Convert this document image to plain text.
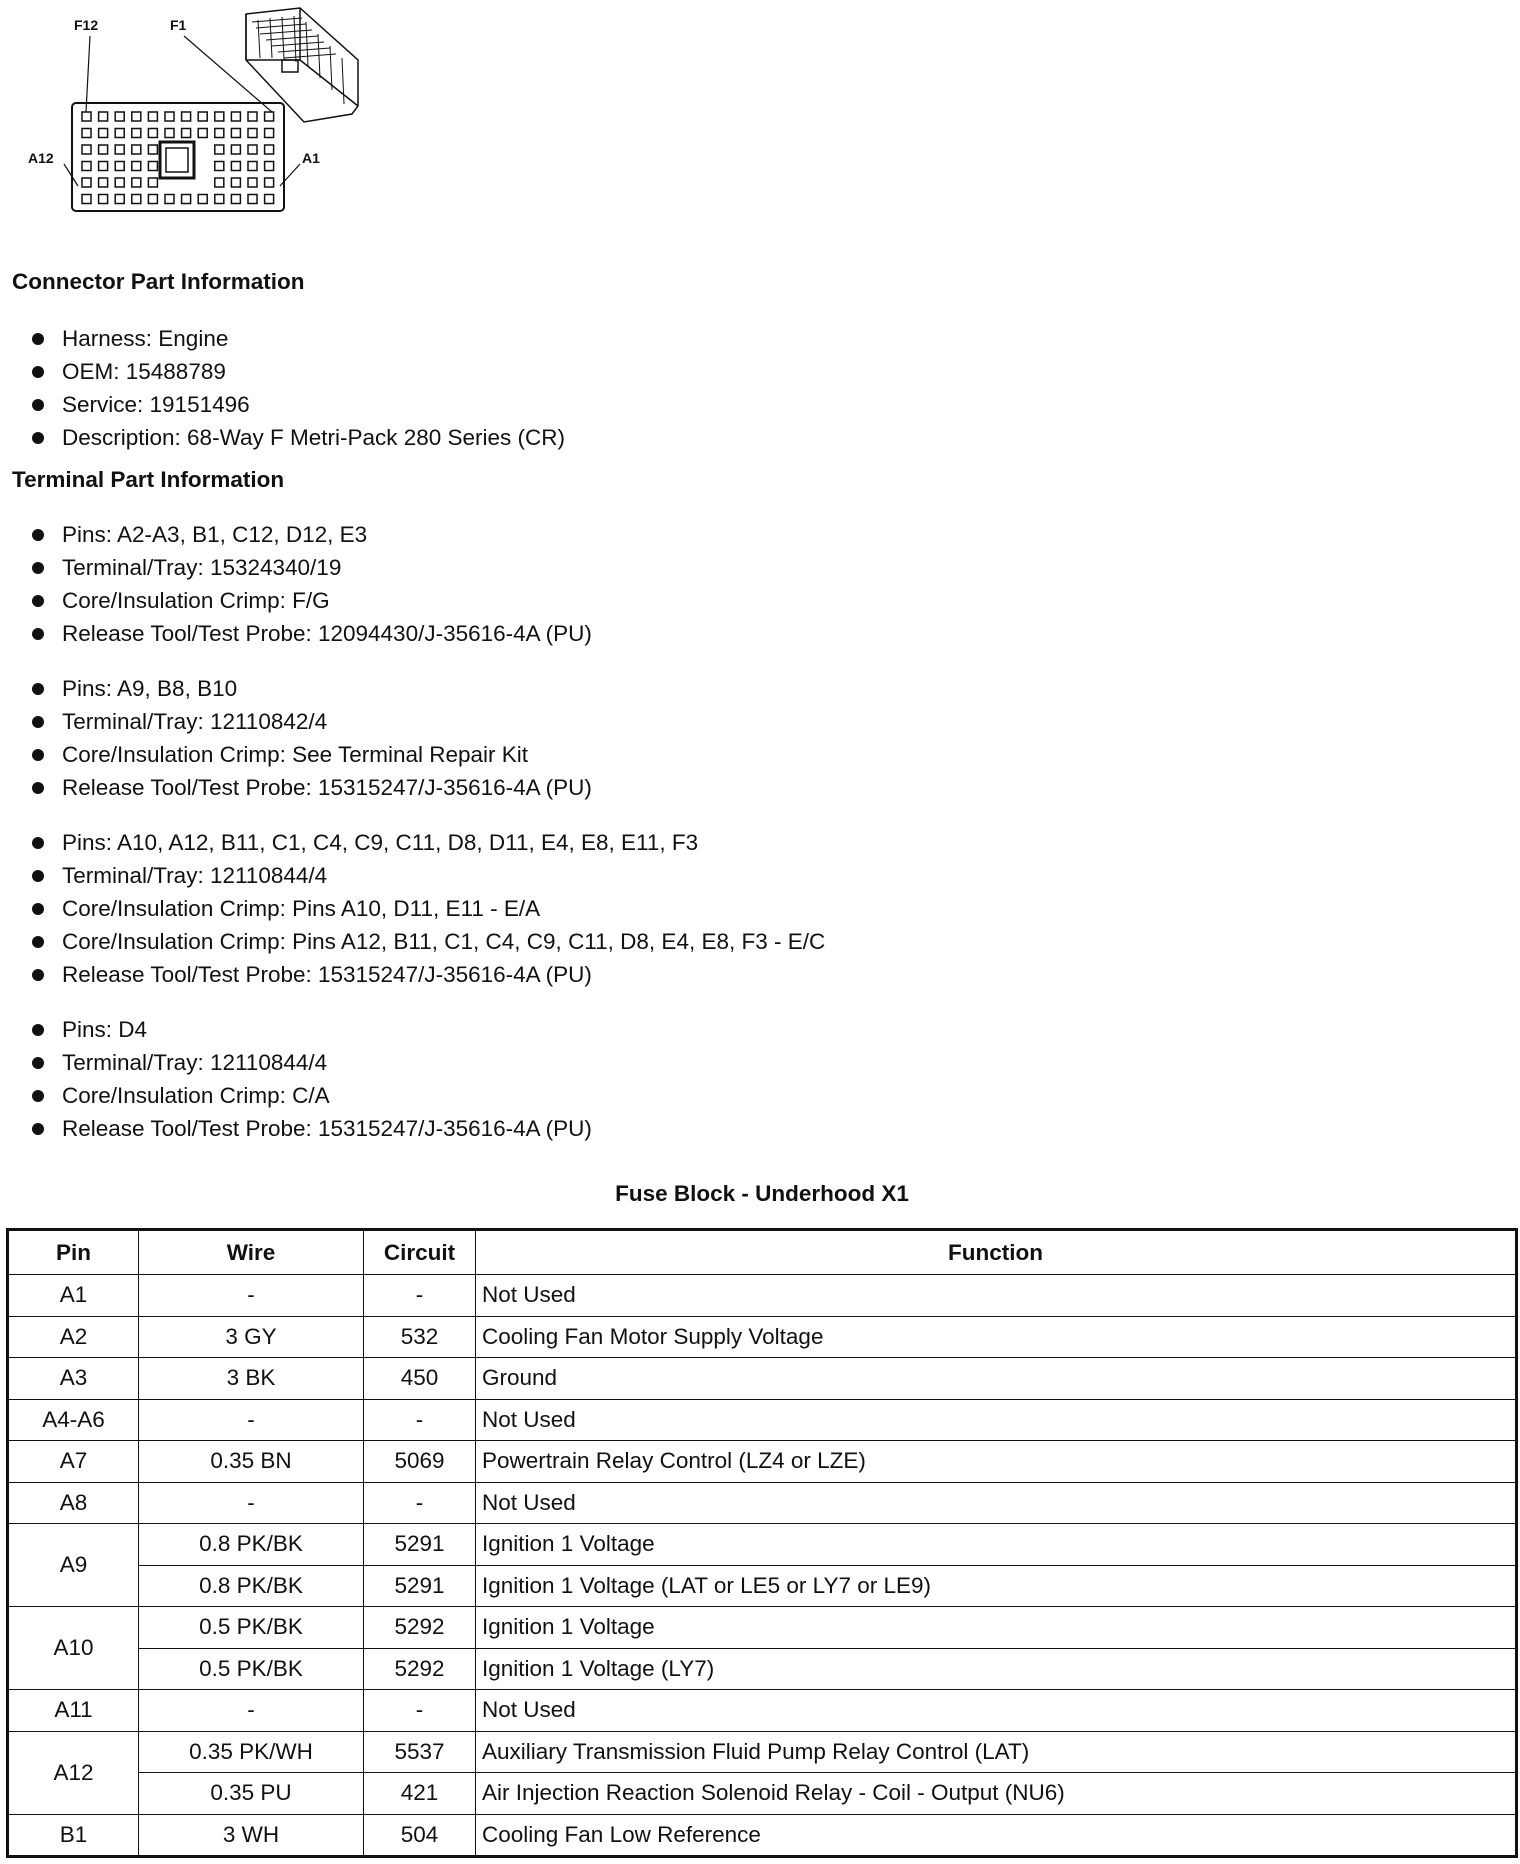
F12	F1
A12	A1
Connector Part Information
Harness: Engine
OEM: 15488789
Service: 19151496
Description: 68-Way F Metri-Pack 280 Series (CR)
Terminal Part Information
Pins: A2-A3, B1, C12, D12, E3
Terminal/Tray: 15324340/19
Core/Insulation Crimp: F/G
Release Tool/Test Probe: 12094430/J-35616-4A (PU)
Pins: A9, B8, B10
Terminal/Tray: 12110842/4
Core/Insulation Crimp: See Terminal Repair Kit
Release Tool/Test Probe: 15315247/J-35616-4A (PU)
Pins: A10, A12, B11, C1, C4, C9, C11, D8, D11, E4, E8, E11, F3
Terminal/Tray: 12110844/4
Core/Insulation Crimp: Pins A10, D11, E11 - E/A
Core/Insulation Crimp: Pins A12, B11, C1, C4, C9, C11, D8, E4, E8, F3 - E/C
Release Tool/Test Probe: 15315247/J-35616-4A (PU)
Pins: D4
Terminal/Tray: 12110844/4
Core/Insulation Crimp: C/A
Release Tool/Test Probe: 15315247/J-35616-4A (PU)
Fuse Block - Underhood X1
Pin	Wire	Circuit	Function
A1	-	-	Not Used
A2	3 GY	532	Cooling Fan Motor Supply Voltage
A3	3 BK	450	Ground
A4-A6	-	-	Not Used
A7	0.35 BN	5069	Powertrain Relay Control (LZ4 or LZE)
A8	-	-	Not Used
A9	0.8 PK/BK	5291	Ignition 1 Voltage
	0.8 PK/BK	5291	Ignition 1 Voltage (LAT or LE5 or LY7 or LE9)
A10	0.5 PK/BK	5292	Ignition 1 Voltage
	0.5 PK/BK	5292	Ignition 1 Voltage (LY7)
A11	-	-	Not Used
A12	0.35 PK/WH	5537	Auxiliary Transmission Fluid Pump Relay Control (LAT)
	0.35 PU	421	Air Injection Reaction Solenoid Relay - Coil - Output (NU6)
B1	3 WH	504	Cooling Fan Low Reference
